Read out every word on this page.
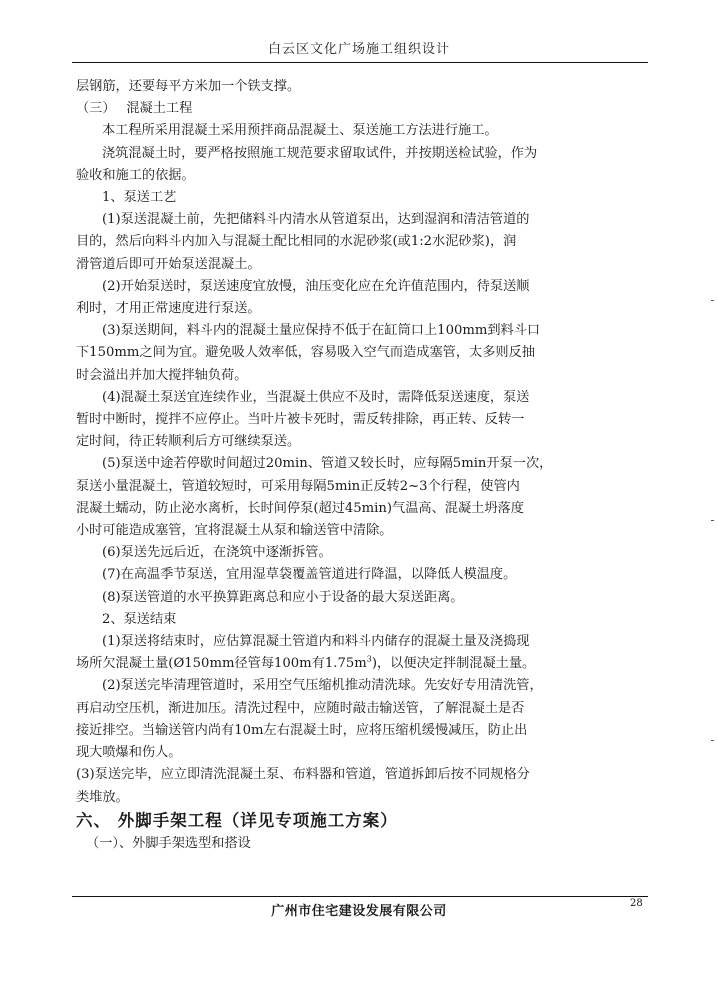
白云区文化广场施工组织设计

层钢筋，还要每平方米加一个铁支撑。

（三）　 混凝土工程

本工程所采用混凝土采用预拌商品混凝土、泵送施工方法进行施工。

浇筑混凝土时，要严格按照施工规范要求留取试件，并按期送检试验，作为

验收和施工的依据。

1、泵送工艺

(1)泵送混凝土前，先把储料斗内清水从管道泵出，达到湿润和清洁管道的

目的，然后向料斗内加入与混凝土配比相同的水泥砂浆(或1:2水泥砂浆)，润

滑管道后即可开始泵送混凝土。

(2)开始泵送时，泵送速度宜放慢，油压变化应在允许值范围内，待泵送顺

利时，才用正常速度进行泵送。

(3)泵送期间，料斗内的混凝土量应保持不低于在缸筒口上100mm到料斗口

下150mm之间为宜。避免吸人效率低，容易吸入空气而造成塞管，太多则反抽

时会溢出并加大搅拌轴负荷。

(4)混凝土泵送宜连续作业，当混凝土供应不及时，需降低泵送速度，泵送

暂时中断时，搅拌不应停止。当叶片被卡死时，需反转排除，再正转、反转一

定时间，待正转顺利后方可继续泵送。

(5)泵送中途若停歇时间超过20min、管道又较长时，应每隔5min开泵一次，

泵送小量混凝土，管道较短时，可采用每隔5min正反转2~3个行程，使管内

混凝土蠕动，防止泌水离析，长时间停泵(超过45min)气温高、混凝土坍落度

小时可能造成塞管，宜将混凝土从泵和输送管中清除。

(6)泵送先远后近，在浇筑中逐渐拆管。

(7)在高温季节泵送，宜用湿草袋覆盖管道进行降温，以降低人模温度。

(8)泵送管道的水平换算距离总和应小于设备的最大泵送距离。

2、泵送结束

(1)泵送将结束时，应估算混凝土管道内和料斗内储存的混凝土量及浇捣现

场所欠混凝土量(Ø150mm径管每100m有$1.75m^3$)，以便决定拌制混凝土量。

(2)泵送完毕清理管道时，采用空气压缩机推动清洗球。先安好专用清洗管，

再启动空压机，渐进加压。清洗过程中，应随时敲击输送管，了解混凝土是否

接近排空。当输送管内尚有10m左右混凝土时，应将压缩机缓慢减压，防止出

现大喷爆和伤人。

(3)泵送完毕，应立即清洗混凝土泵、布料器和管道，管道拆卸后按不同规格分

类堆放。

六、 外脚手架工程（详见专项施工方案）

（一）、外脚手架选型和搭设

广州市住宅建设发展有限公司
28
